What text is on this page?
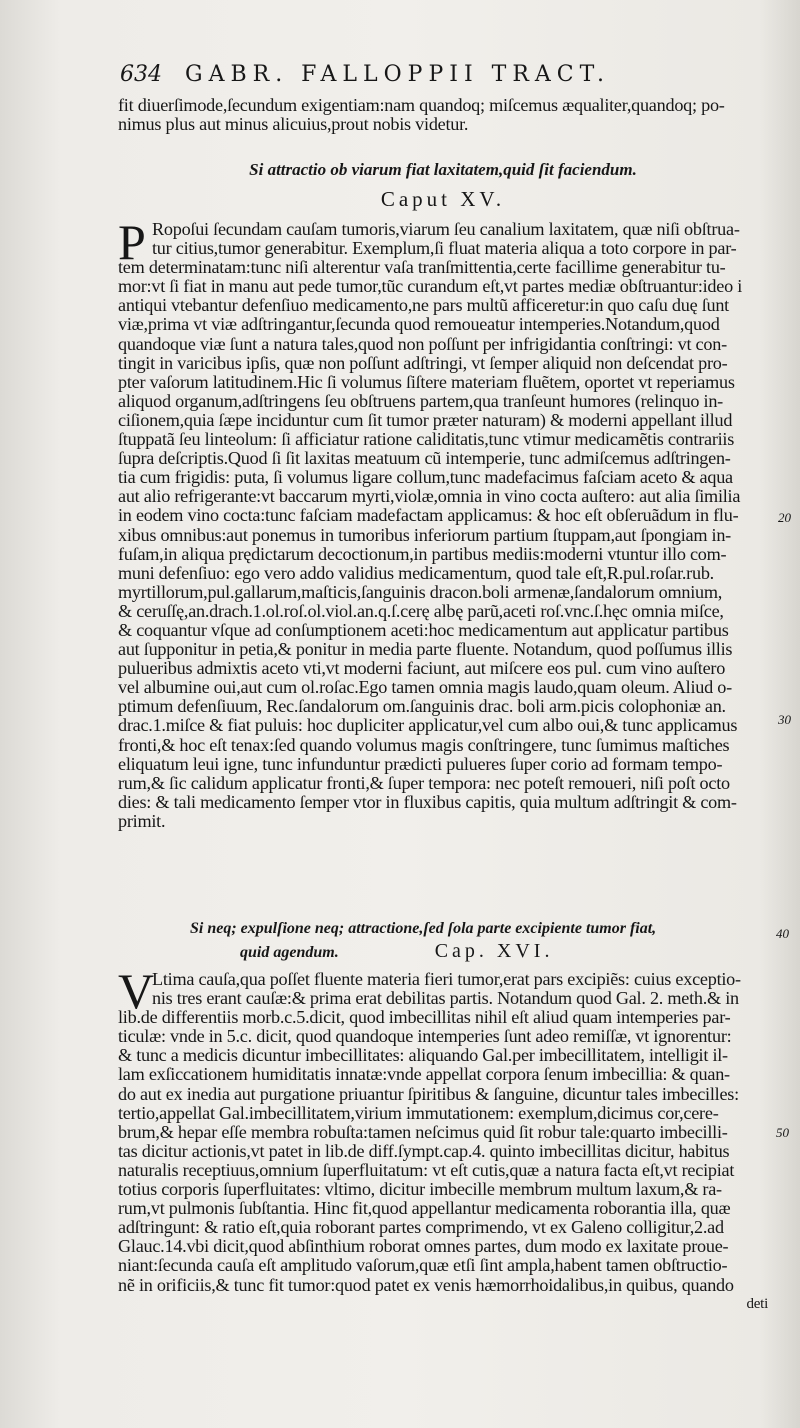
634 GABR. FALLOPPII TRACT.
fit diuerſimode,ſecundum exigentiam:nam quandoq; miſcemus æqualiter,quandoq; po-
nimus plus aut minus alicuius,prout nobis videtur.
Si attractio ob viarum fiat laxitatem,quid ſit faciendum.
Caput XV.
P Ropoſui ſecundam cauſam tumoris,viarum ſeu canalium laxitatem, quæ niſi obſtrua-
tur citius,tumor generabitur. Exemplum,ſi fluat materia aliqua a toto corpore in par-
tem determinatam:tunc niſi alterentur vaſa tranſmittentia,certe facillime generabitur tu-
mor:vt ſi fiat in manu aut pede tumor,tũc curandum eſt,vt partes mediæ obſtruantur:ideo i
antiqui vtebantur defenſiuo medicamento,ne pars multũ afficeretur:in quo caſu duę ſunt
viæ,prima vt viæ adſtringantur,ſecunda quod remoueatur intemperies.Notandum,quod
quandoque viæ ſunt a natura tales,quod non poſſunt per infrigidantia conſtringi: vt con-
tingit in varicibus ipſis, quæ non poſſunt adſtringi, vt ſemper aliquid non deſcendat pro-
pter vaſorum latitudinem.Hic ſi volumus ſiſtere materiam fluẽtem, oportet vt reperiamus
aliquod organum,adſtringens ſeu obſtruens partem,qua tranſeunt humores (relinquo in-
ciſionem,quia ſæpe inciduntur cum ſit tumor præter naturam) & moderni appellant illud
ſtuppatã ſeu linteolum: ſi afficiatur ratione caliditatis,tunc vtimur medicamẽtis contrariis
ſupra deſcriptis.Quod ſi ſit laxitas meatuum cũ intemperie, tunc admiſcemus adſtringen-
tia cum frigidis: puta, ſi volumus ligare collum,tunc madefacimus faſciam aceto & aqua
aut alio refrigerante:vt baccarum myrti,violæ,omnia in vino cocta auſtero: aut alia ſimilia
in eodem vino cocta:tunc faſciam madefactam applicamus: & hoc eſt obſeruãdum in flu-
xibus omnibus:aut ponemus in tumoribus inferiorum partium ſtuppam,aut ſpongiam in-
fuſam,in aliqua prędictarum decoctionum,in partibus mediis:moderni vtuntur illo com-
muni defenſiuo: ego vero addo validius medicamentum, quod tale eſt,R.pul.roſar.rub.
myrtillorum,pul.gallarum,maſticis,ſanguinis dracon.boli armenæ,ſandalorum omnium,
& ceruſſę,an.drach.1.ol.roſ.ol.viol.an.q.ſ.cerę albę parũ,aceti roſ.vnc.ſ.hęc omnia miſce,
& coquantur vſque ad conſumptionem aceti:hoc medicamentum aut applicatur partibus
aut ſupponitur in petia,& ponitur in media parte fluente. Notandum, quod poſſumus illis
pulueribus admixtis aceto vti,vt moderni faciunt, aut miſcere eos pul. cum vino auſtero
vel albumine oui,aut cum ol.roſac.Ego tamen omnia magis laudo,quam oleum. Aliud o-
ptimum defenſiuum, Rec.ſandalorum om.ſanguinis drac. boli arm.picis colophoniæ an.
drac.1.miſce & fiat puluis: hoc dupliciter applicatur,vel cum albo oui,& tunc applicamus
fronti,& hoc eſt tenax:ſed quando volumus magis conſtringere, tunc ſumimus maſtiches
eliquatum leui igne, tunc infunduntur prædicti pulueres ſuper corio ad formam tempo-
rum,& ſic calidum applicatur fronti,& ſuper tempora: nec poteſt remoueri, niſi poſt octo
dies: & tali medicamento ſemper vtor in fluxibus capitis, quia multum adſtringit & com-
primit.
Si neq; expulſione neq; attractione,ſed ſola parte excipiente tumor fiat,
quid agendum.	Cap. XVI.
V
Ltima cauſa,qua poſſet fluente materia fieri tumor,erat pars excipiẽs: cuius exceptio-
nis tres erant cauſæ:& prima erat debilitas partis. Notandum quod Gal. 2. meth.& in
lib.de differentiis morb.c.5.dicit, quod imbecillitas nihil eſt aliud quam intemperies par-
ticulæ: vnde in 5.c. dicit, quod quandoque intemperies ſunt adeo remiſſæ, vt ignorentur:
& tunc a medicis dicuntur imbecillitates: aliquando Gal.per imbecillitatem, intelligit il-
lam exſiccationem humiditatis innatæ:vnde appellat corpora ſenum imbecillia: & quan-
do aut ex inedia aut purgatione priuantur ſpiritibus & ſanguine, dicuntur tales imbecilles:
tertio,appellat Gal.imbecillitatem,virium immutationem: exemplum,dicimus cor,cere-
brum,& hepar eſſe membra robuſta:tamen neſcimus quid ſit robur tale:quarto imbecilli-
tas dicitur actionis,vt patet in lib.de diff.ſympt.cap.4. quinto imbecillitas dicitur, habitus
naturalis receptiuus,omnium ſuperfluitatum: vt eſt cutis,quæ a natura facta eſt,vt recipiat
totius corporis ſuperfluitates: vltimo, dicitur imbecille membrum multum laxum,& ra-
rum,vt pulmonis ſubſtantia. Hinc fit,quod appellantur medicamenta roborantia illa, quæ
adſtringunt: & ratio eſt,quia roborant partes comprimendo, vt ex Galeno colligitur,2.ad
Glauc.14.vbi dicit,quod abſinthium roborat omnes partes, dum modo ex laxitate proue-
niant:ſecunda cauſa eſt amplitudo vaſorum,quæ etſi ſint ampla,habent tamen obſtructio-
nẽ in orificiis,& tunc fit tumor:quod patet ex venis hæmorrhoidalibus,in quibus, quando
deti
20
30
40
50
